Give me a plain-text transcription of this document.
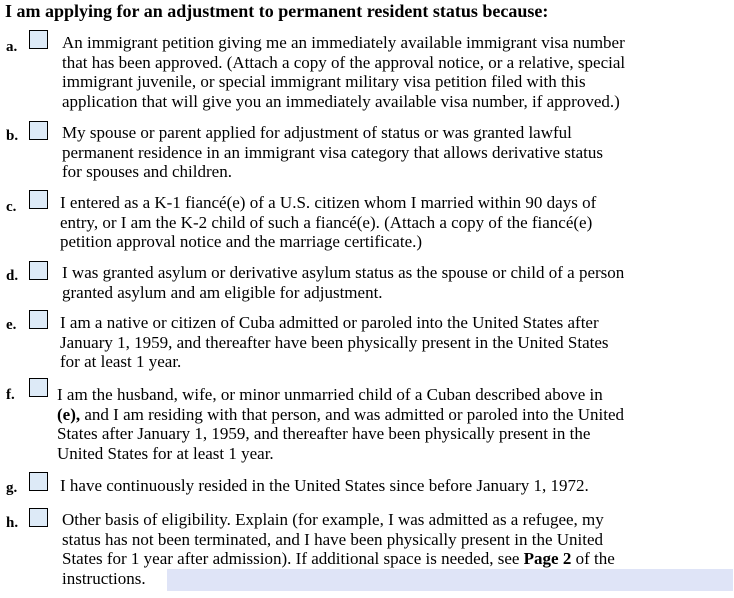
I am applying for an adjustment to permanent resident status because:
a.	An immigrant petition giving me an immediately available immigrant visa number
that has been approved. (Attach a copy of the approval notice, or a relative, special
immigrant juvenile, or special immigrant military visa petition filed with this
application that will give you an immediately available visa number, if approved.)
b.	My spouse or parent applied for adjustment of status or was granted lawful
permanent residence in an immigrant visa category that allows derivative status
for spouses and children.
c.	I entered as a K-1 fiancé(e) of a U.S. citizen whom I married within 90 days of
entry, or I am the K-2 child of such a fiancé(e). (Attach a copy of the fiancé(e)
petition approval notice and the marriage certificate.)
d.	I was granted asylum or derivative asylum status as the spouse or child of a person
granted asylum and am eligible for adjustment.
e.	I am a native or citizen of Cuba admitted or paroled into the United States after
January 1, 1959, and thereafter have been physically present in the United States
for at least 1 year.
f. I am the husband, wife, or minor unmarried child of a Cuban described above in
(e), and I am residing with that person, and was admitted or paroled into the United
States after January 1, 1959, and thereafter have been physically present in the
United States for at least 1 year.
g.	I have continuously resided in the United States since before January 1, 1972.
h.	Other basis of eligibility. Explain (for example, I was admitted as a refugee, my
status has not been terminated, and I have been physically present in the United
States for 1 year after admission). If additional space is needed, see Page 2 of the
instructions.
